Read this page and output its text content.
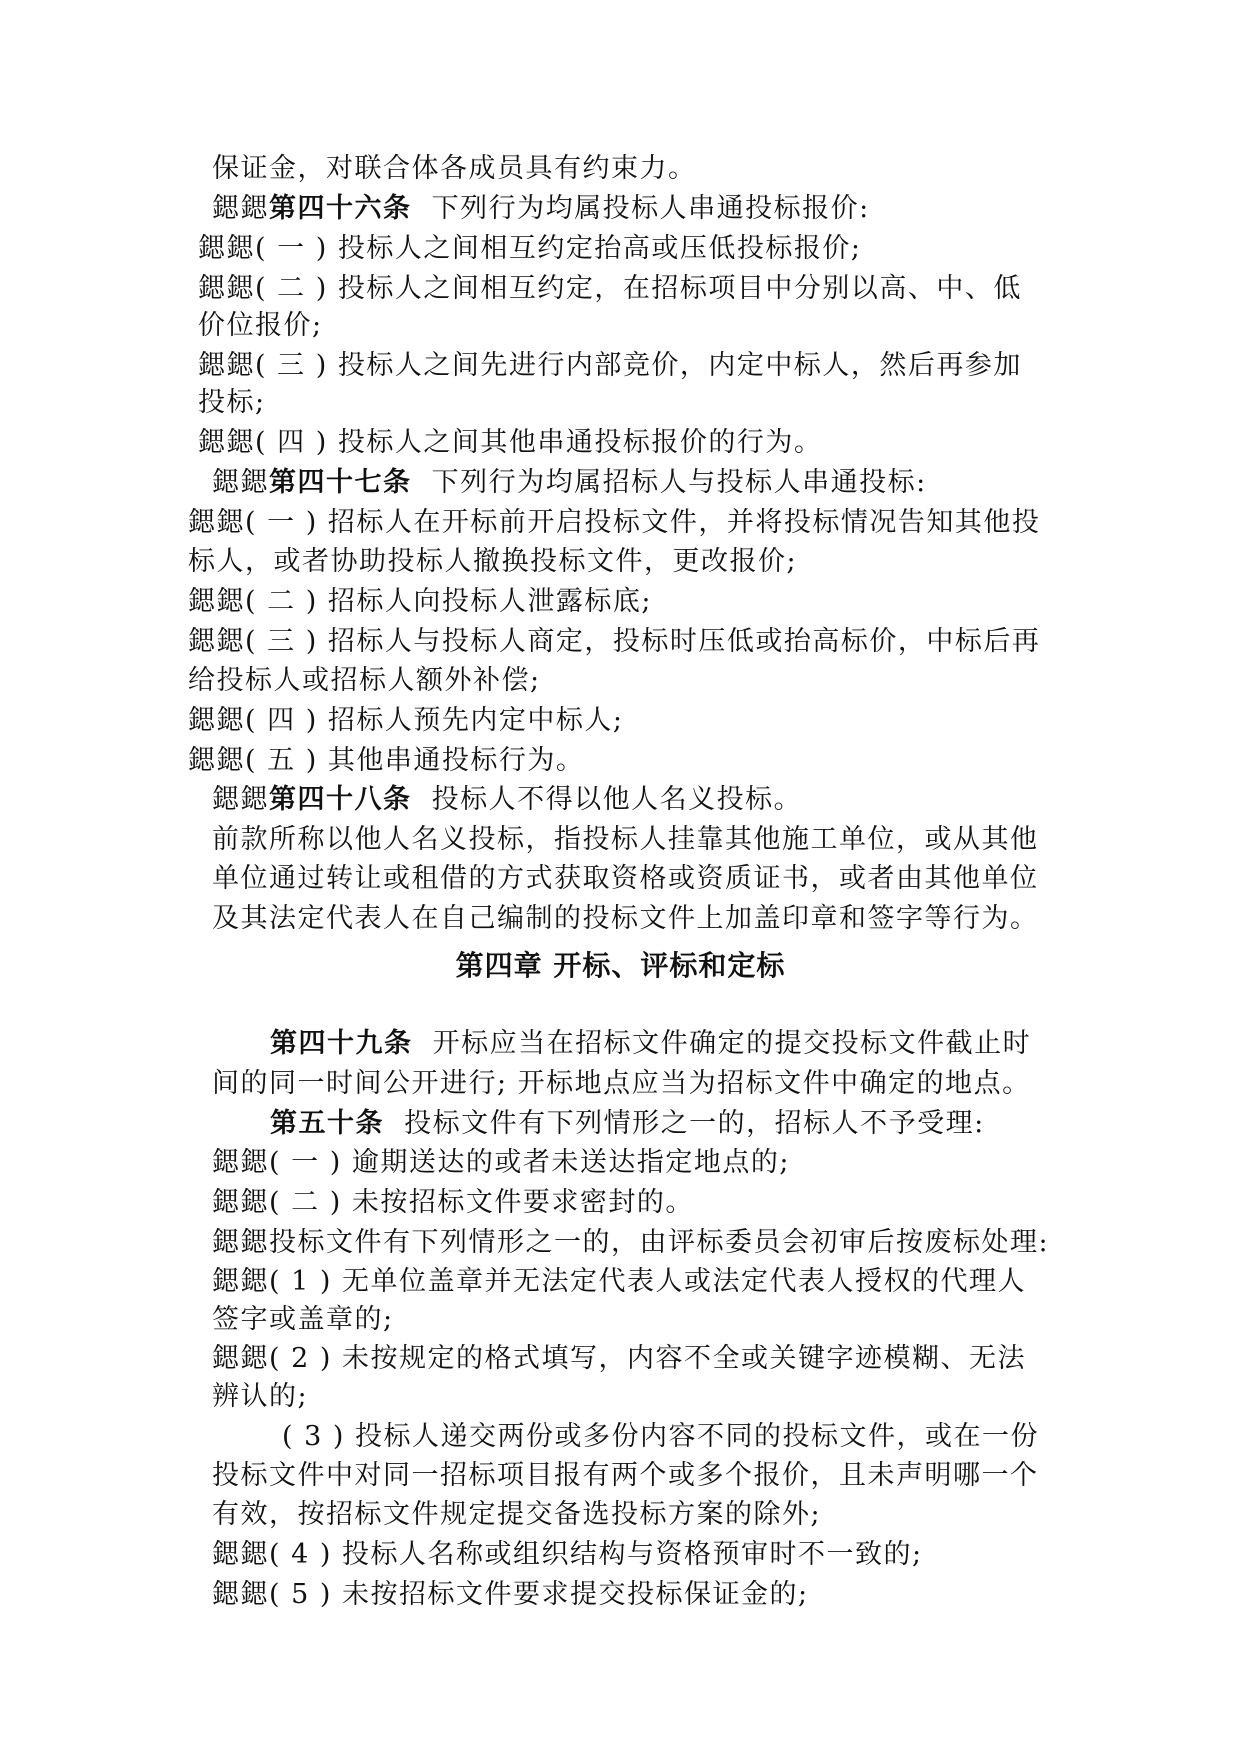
保证金，对联合体各成员具有约束力。
鍶鍶第四十六条 下列行为均属投标人串通投标报价:
鍶鍶( 一 ) 投标人之间相互约定抬高或压低投标报价;
鍶鍶( 二 ) 投标人之间相互约定，在招标项目中分别以高、中、低
价位报价;
鍶鍶( 三 ) 投标人之间先进行内部竞价，内定中标人，然后再参加
投标;
鍶鍶( 四 ) 投标人之间其他串通投标报价的行为。
鍶鍶第四十七条 下列行为均属招标人与投标人串通投标:
鍶鍶( 一 ) 招标人在开标前开启投标文件，并将投标情况告知其他投
标人，或者协助投标人撤换投标文件，更改报价;
鍶鍶( 二 ) 招标人向投标人泄露标底;
鍶鍶( 三 ) 招标人与投标人商定，投标时压低或抬高标价，中标后再
给投标人或招标人额外补偿;
鍶鍶( 四 ) 招标人预先内定中标人;
鍶鍶( 五 ) 其他串通投标行为。
鍶鍶第四十八条 投标人不得以他人名义投标。
前款所称以他人名义投标，指投标人挂靠其他施工单位，或从其他
单位通过转让或租借的方式获取资格或资质证书，或者由其他单位
及其法定代表人在自己编制的投标文件上加盖印章和签字等行为。
第四章 开标、评标和定标
第四十九条 开标应当在招标文件确定的提交投标文件截止时
间的同一时间公开进行; 开标地点应当为招标文件中确定的地点。
第五十条 投标文件有下列情形之一的，招标人不予受理:
鍶鍶( 一 ) 逾期送达的或者未送达指定地点的;
鍶鍶( 二 ) 未按招标文件要求密封的。
鍶鍶投标文件有下列情形之一的，由评标委员会初审后按废标处理:
鍶鍶( 1 ) 无单位盖章并无法定代表人或法定代表人授权的代理人
签字或盖章的;
鍶鍶( 2 ) 未按规定的格式填写，内容不全或关键字迹模糊、无法
辨认的;
( 3 ) 投标人递交两份或多份内容不同的投标文件，或在一份
投标文件中对同一招标项目报有两个或多个报价，且未声明哪一个
有效，按招标文件规定提交备选投标方案的除外;
鍶鍶( 4 ) 投标人名称或组织结构与资格预审时不一致的;
鍶鍶( 5 ) 未按招标文件要求提交投标保证金的;
